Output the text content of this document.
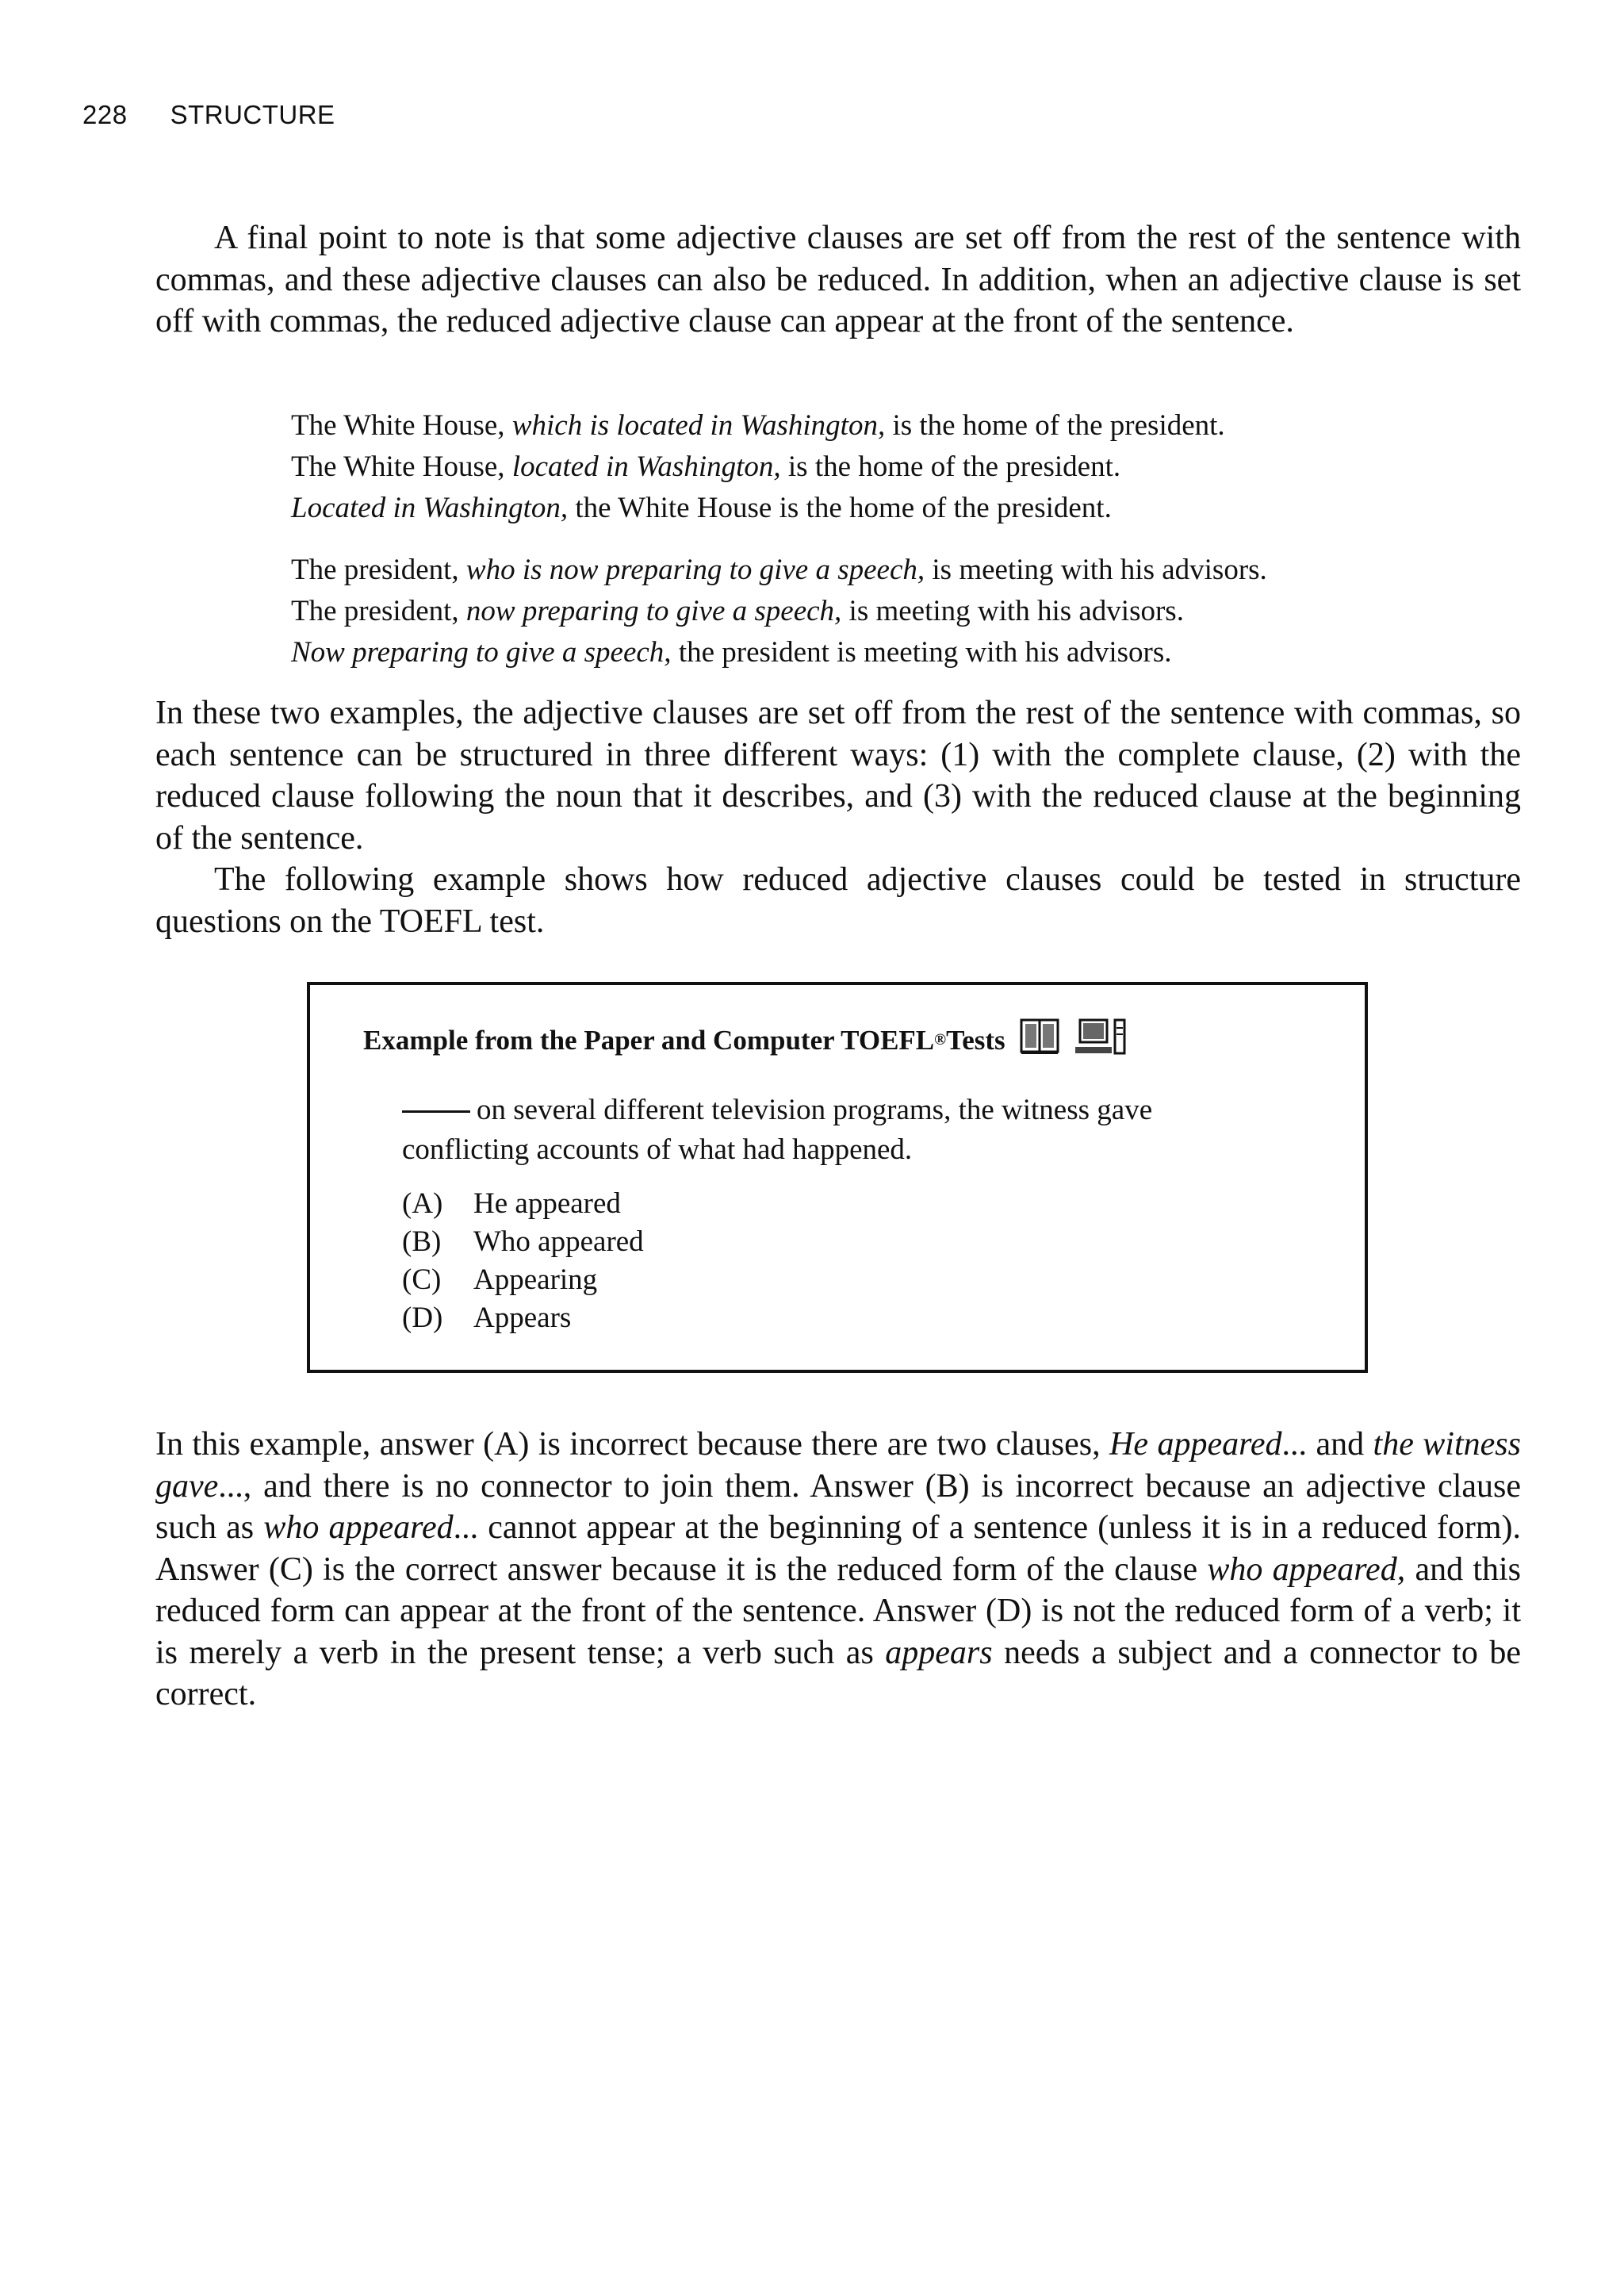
228 STRUCTURE

A final point to note is that some adjective clauses are set off from the rest of the sentence with commas, and these adjective clauses can also be reduced. In addition, when an adjective clause is set off with commas, the reduced adjective clause can appear at the front of the sentence.

The White House, which is located in Washington, is the home of the president.
The White House, located in Washington, is the home of the president.
Located in Washington, the White House is the home of the president.
The president, who is now preparing to give a speech, is meeting with his advisors.
The president, now preparing to give a speech, is meeting with his advisors.
Now preparing to give a speech, the president is meeting with his advisors.

In these two examples, the adjective clauses are set off from the rest of the sentence with commas, so each sentence can be structured in three different ways: (1) with the complete clause, (2) with the reduced clause following the noun that it describes, and (3) with the reduced clause at the beginning of the sentence.

The following example shows how reduced adjective clauses could be tested in structure questions on the TOEFL test.

Example from the Paper and Computer TOEFL ® Tests
on several different television programs, the witness gave conflicting accounts of what had happened.
(A) He appeared
(B) Who appeared
(C) Appearing
(D) Appears

In this example, answer (A) is incorrect because there are two clauses, He appeared... and the witness gave..., and there is no connector to join them. Answer (B) is incorrect because an adjective clause such as who appeared... cannot appear at the beginning of a sentence (unless it is in a reduced form). Answer (C) is the correct answer because it is the reduced form of the clause who appeared, and this reduced form can appear at the front of the sentence. Answer (D) is not the reduced form of a verb; it is merely a verb in the present tense; a verb such as appears needs a subject and a connector to be correct.
